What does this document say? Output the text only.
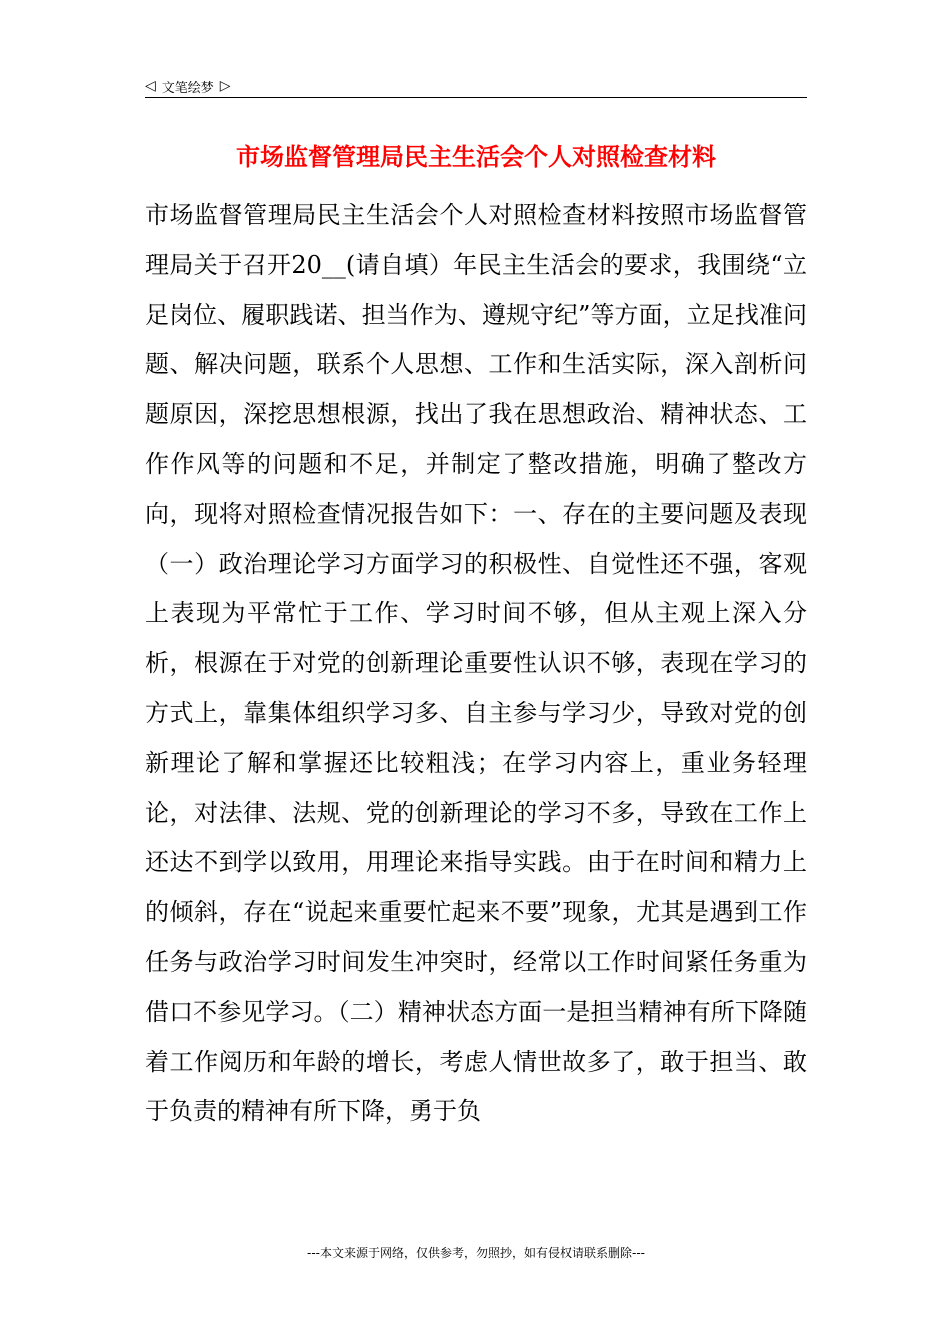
◁ 文笔绘梦 ▷
市场监督管理局民主生活会个人对照检查材料

市场监督管理局民主生活会个人对照检查材料按照市场监督管理局关于召开20__(请自填）年民主生活会的要求，我围绕“立足岗位、履职践诺、担当作为、遵规守纪”等方面，立足找准问题、解决问题，联系个人思想、工作和生活实际，深入剖析问题原因，深挖思想根源，找出了我在思想政治、精神状态、工作作风等的问题和不足，并制定了整改措施，明确了整改方向，现将对照检查情况报告如下：一、存在的主要问题及表现（一）政治理论学习方面学习的积极性、自觉性还不强，客观上表现为平常忙于工作、学习时间不够，但从主观上深入分析，根源在于对党的创新理论重要性认识不够，表现在学习的方式上，靠集体组织学习多、自主参与学习少，导致对党的创新理论了解和掌握还比较粗浅；在学习内容上，重业务轻理论，对法律、法规、党的创新理论的学习不多，导致在工作上还达不到学以致用，用理论来指导实践。由于在时间和精力上的倾斜，存在“说起来重要忙起来不要”现象，尤其是遇到工作任务与政治学习时间发生冲突时，经常以工作时间紧任务重为借口不参见学习。（二）精神状态方面一是担当精神有所下降随着工作阅历和年龄的增长，考虑人情世故多了，敢于担当、敢于负责的精神有所下降，勇于负

---本文来源于网络，仅供参考，勿照抄，如有侵权请联系删除---
